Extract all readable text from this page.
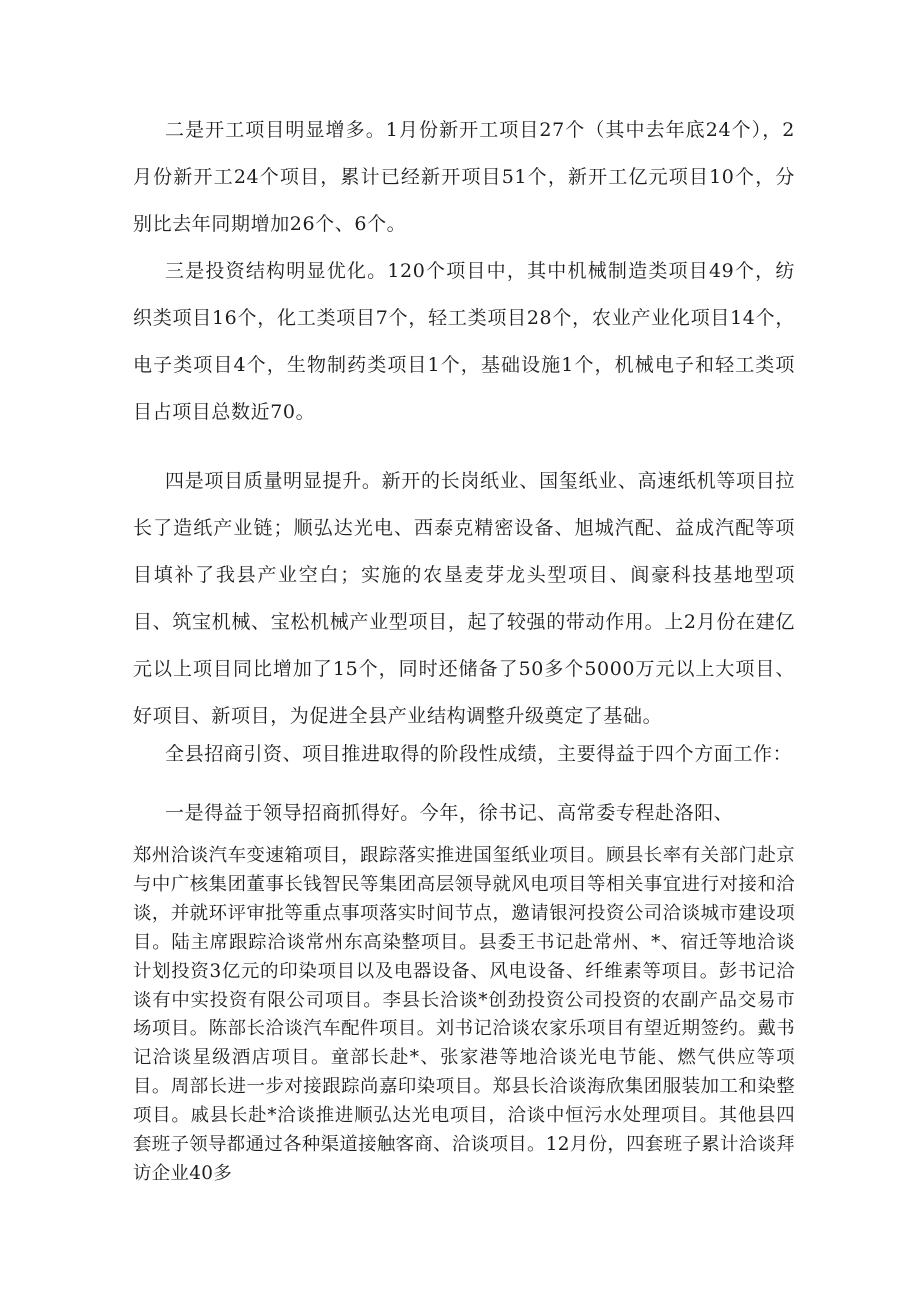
二是开工项目明显增多。1月份新开工项目27个（其中去年底24个），2月份新开工24个项目，累计已经新开项目51个，新开工亿元项目10个，分别比去年同期增加26个、6个。

三是投资结构明显优化。120个项目中，其中机械制造类项目49个，纺织类项目16个，化工类项目7个，轻工类项目28个，农业产业化项目14个，电子类项目4个，生物制药类项目1个，基础设施1个，机械电子和轻工类项目占项目总数近70。

四是项目质量明显提升。新开的长岗纸业、国玺纸业、高速纸机等项目拉长了造纸产业链；顺弘达光电、西泰克精密设备、旭城汽配、益成汽配等项目填补了我县产业空白；实施的农垦麦芽龙头型项目、阆豪科技基地型项目、筑宝机械、宝松机械产业型项目，起了较强的带动作用。上2月份在建亿元以上项目同比增加了15个，同时还储备了50多个5000万元以上大项目、好项目、新项目，为促进全县产业结构调整升级奠定了基础。

全县招商引资、项目推进取得的阶段性成绩，主要得益于四个方面工作：

一是得益于领导招商抓得好。今年，徐书记、高常委专程赴洛阳、

郑州洽谈汽车变速箱项目，跟踪落实推进国玺纸业项目。顾县长率有关部门赴京与中广核集团董事长钱智民等集团高层领导就风电项目等相关事宜进行对接和洽谈，并就环评审批等重点事项落实时间节点，邀请银河投资公司洽谈城市建设项目。陆主席跟踪洽谈常州东高染整项目。县委王书记赴常州、*、宿迁等地洽谈计划投资3亿元的印染项目以及电器设备、风电设备、纤维素等项目。彭书记洽谈有中实投资有限公司项目。李县长洽谈*创劲投资公司投资的农副产品交易市场项目。陈部长洽谈汽车配件项目。刘书记洽谈农家乐项目有望近期签约。戴书记洽谈星级酒店项目。童部长赴*、张家港等地洽谈光电节能、燃气供应等项目。周部长进一步对接跟踪尚嘉印染项目。郑县长洽谈海欣集团服装加工和染整项目。戚县长赴*洽谈推进顺弘达光电项目，洽谈中恒污水处理项目。其他县四套班子领导都通过各种渠道接触客商、洽谈项目。12月份，四套班子累计洽谈拜访企业40多
